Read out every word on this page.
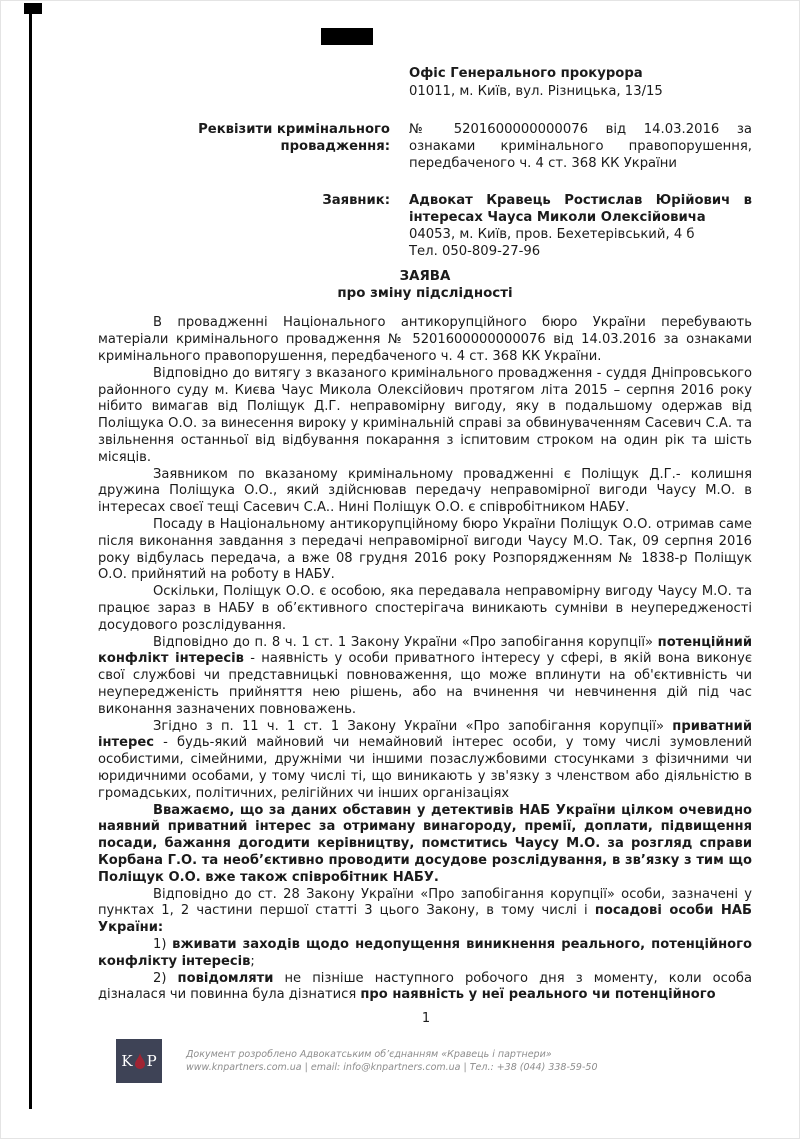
Офіс Генерального прокурора
01011, м. Київ, вул. Різницька, 13/15
Реквізити кримінального провадження:
№ 5201600000000076 від 14.03.2016 за ознаками кримінального правопорушення, передбаченого ч. 4 ст. 368 КК України
Заявник: Адвокат Кравець Ростислав Юрійович в інтересах Чауса Миколи Олексійовича
04053, м. Київ, пров. Бехетерівський, 4 б
Тел. 050-809-27-96
ЗАЯВА
про зміну підслідності

В провадженні Національного антикорупційного бюро України перебувають матеріали кримінального провадження № 5201600000000076 від 14.03.2016 за ознаками кримінального правопорушення, передбаченого ч. 4 ст. 368 КК України.

Відповідно до витягу з вказаного кримінального провадження - суддя Дніпровського районного суду м. Києва Чаус Микола Олексійович протягом літа 2015 – серпня 2016 року нібито вимагав від Поліщук Д.Г. неправомірну вигоду, яку в подальшому одержав від Поліщука О.О. за винесення вироку у кримінальній справі за обвинуваченням Сасевич С.А. та звільнення останньої від відбування покарання з іспитовим строком на один рік та шість місяців.

Заявником по вказаному кримінальному провадженні є Поліщук Д.Г.- колишня дружина Поліщука О.О., який здійснював передачу неправомірної вигоди Чаусу М.О. в інтересах своєї тещі Сасевич С.А.. Нині Поліщук О.О. є співробітником НАБУ.

Посаду в Національному антикорупційному бюро України Поліщук О.О. отримав саме після виконання завдання з передачі неправомірної вигоди Чаусу М.О. Так, 09 серпня 2016 року відбулась передача, а вже 08 грудня 2016 року Розпорядженням № 1838-р Поліщук О.О. прийнятий на роботу в НАБУ.

Оскільки, Поліщук О.О. є особою, яка передавала неправомірну вигоду Чаусу М.О. та працює зараз в НАБУ в об’єктивного спостерігача виникають сумніви в неупередженості досудового розслідування.

Відповідно до п. 8 ч. 1 ст. 1 Закону України «Про запобігання корупції» потенційний конфлікт інтересів - наявність у особи приватного інтересу у сфері, в якій вона виконує свої службові чи представницькі повноваження, що може вплинути на об'єктивність чи неупередженість прийняття нею рішень, або на вчинення чи невчинення дій під час виконання зазначених повноважень.

Згідно з п. 11 ч. 1 ст. 1 Закону України «Про запобігання корупції» приватний інтерес - будь-який майновий чи немайновий інтерес особи, у тому числі зумовлений особистими, сімейними, дружніми чи іншими позаслужбовими стосунками з фізичними чи юридичними особами, у тому числі ті, що виникають у зв'язку з членством або діяльністю в громадських, політичних, релігійних чи інших організаціях

Вважаємо, що за даних обставин у детективів НАБ України цілком очевидно наявний приватний інтерес за отриману винагороду, премії, доплати, підвищення посади, бажання догодити керівництву, помститись Чаусу М.О. за розгляд справи Корбана Г.О. та необ’єктивно проводити досудове розслідування, в зв’язку з тим що Поліщук О.О. вже також співробітник НАБУ.

Відповідно до ст. 28 Закону України «Про запобігання корупції» особи, зазначені у пунктах 1, 2 частини першої статті 3 цього Закону, в тому числі і посадові особи НАБ України:

1) вживати заходів щодо недопущення виникнення реального, потенційного конфлікту інтересів;

2) повідомляти не пізніше наступного робочого дня з моменту, коли особа дізналася чи повинна була дізнатися про наявність у неї реального чи потенційного

1
K P	Документ розроблено Адвокатським об’єднанням «Кравець і партнери»
www.knpartners.com.ua | email: info@knpartners.com.ua | Тел.: +38 (044) 338-59-50
